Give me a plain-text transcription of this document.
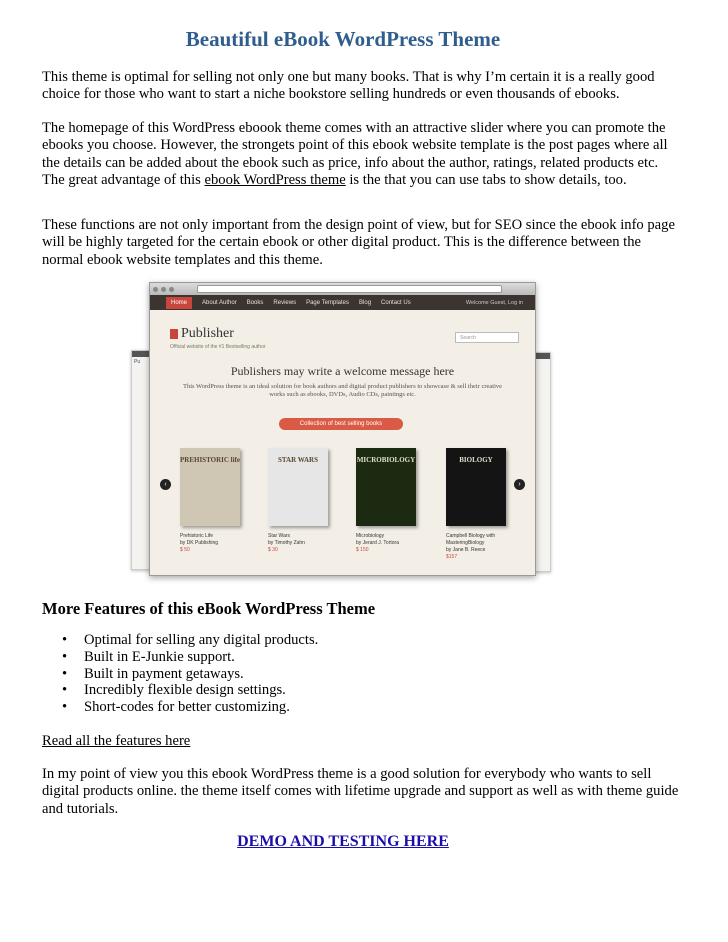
Beautiful eBook WordPress Theme

This theme is optimal for selling not only one but many books. That is why I’m certain it is a really good choice for those who want to start a niche bookstore selling hundreds or even thousands of ebooks.

The homepage of this WordPress eboook theme comes with an attractive slider where you can promote the ebooks you choose. However, the strongets point of this ebook website template is the post pages where all the details can be added about the ebook such as price, info about the author, ratings, related products etc. The great advantage of this ebook WordPress theme is the that you can use tabs to show details, too.

These functions are not only important from the design point of view, but for SEO since the ebook info page will be highly targeted for the certain ebook or other digital product. This is the difference between the normal ebook website templates and this theme.

Pu
Home	About Author Books Reviews Page Templates Blog Contact Us	Welcome Guest, Log in
Publisher
Official website of the #1 Bestselling author
Search
Publishers may write a welcome message here
This WordPress theme is an ideal solution for book authors and digital product publishers to showcase & sell their creative works such as ebooks, DVDs, Audio CDs, paintings etc.
Collection of best selling books
‹	›
PREHISTORIC life	STAR WARS	MICROBIOLOGY	BIOLOGY
Prehistoric Life
by DK Publishing
$ 50
Star Wars
by Timothy Zahn
$ 30
Microbiology
by Jerard J. Tortora
$ 150
Campbell Biology with MasteringBiology
by Jane B. Reece
$157
More Features of this eBook WordPress Theme
• Optimal for selling any digital products.
• Built in E-Junkie support.
• Built in payment getaways.
• Incredibly flexible design settings.
• Short-codes for better customizing.

Read all the features here

In my point of view you this ebook WordPress theme is a good solution for everybody who wants to sell digital products online. the theme itself comes with lifetime upgrade and support as well as with theme guide and tutorials.

DEMO AND TESTING HERE
